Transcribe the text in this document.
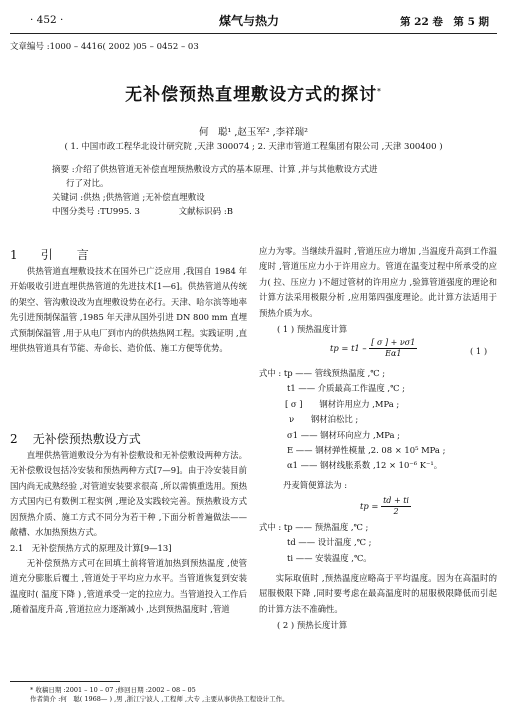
· 452 ·	煤气与热力	第 22 卷　第 5 期
文章编号 :1000 – 4416( 2002 )05 – 0452 – 03
无补偿预热直埋敷设方式的探讨*
何　聪¹ ,赵玉军² ,李祥瑞²
( 1. 中国市政工程华北设计研究院 ,天津 300074 ; 2. 天津市管道工程集团有限公司 ,天津 300400 )
摘要 :介绍了供热管道无补偿直埋预热敷设方式的基本原理、计算 ,并与其他敷设方式进
行了对比。
关键词 :供热 ;供热管道 ;无补偿直埋敷设
中图分类号 :TU995. 3	文献标识码 :B
1 引　　言

供热管道直埋敷设技术在国外已广泛应用 ,我国自 1984 年开始吸收引进直埋供热管道的先进技术[1—6]。供热管道从传统的架空、管沟敷设改为直埋敷设势在必行。天津、哈尔滨等地率先引进预制保温管 ,1985 年天津从国外引进 DN 800 mm 直埋式预制保温管 ,用于从电厂到市内的供热热网工程。实践证明 ,直埋供热管道具有节能、寿命长、造价低、施工方便等优势。

2 无补偿预热敷设方式

直埋供热管道敷设分为有补偿敷设和无补偿敷设两种方法。无补偿敷设包括冷安装和预热两种方式[7—9]。由于冷安装目前国内尚无成熟经验 ,对管道安装要求很高 ,所以需慎重选用。预热方式国内已有数例工程实例 ,理论及实践较完善。预热敷设方式因预热介质、施工方式不同分为若干种 ,下面分析普遍做法——敞槽、水加热预热方式。

2.1　无补偿预热方式的原理及计算[9—13]

无补偿预热方式可在回填土前将管道加热到预热温度 ,使管道充分膨胀后覆土 ,管道处于平均应力水平。当管道恢复到安装温度时( 温度下降 ) ,管道承受一定的拉应力。当管道投入工作后 ,随着温度升高 ,管道拉应力逐渐减小 ,达到预热温度时 ,管道

应力为零。当继续升温时 ,管道压应力增加 ,当温度升高到工作温度时 ,管道压应力小于许用应力。管道在温变过程中所承受的应力( 拉、压应力 )不超过管材的许用应力 ,验算管道强度的理论和计算方法采用极限分析 ,应用第四强度理论。此计算方法适用于预热介质为水。

( 1 ) 预热温度计算
tp = $t1 - \frac{[ \sigma ] + \nu\sigma 1}{E\alpha 1}$	( 1 )
式中 : tp —— 管线预热温度 ,℃ ;
t1 —— 介质最高工作温度 ,℃ ;
[ σ ]　　钢材许用应力 ,MPa ;
ν　　钢材泊松比 ;
σ1 —— 钢材环向应力 ,MPa ;
E —— 钢材弹性模量 ,2. 08 × 10⁵ MPa ;
α1 —— 钢材线胀系数 ,12 × 10⁻⁶ K⁻¹。
丹麦简便算法为 :
tp = $\frac{td + ti}{2}$
式中 : tp —— 预热温度 ,℃ ;
td —— 设计温度 ,℃ ;
ti —— 安装温度 ,℃。

实际取值时 ,预热温度应略高于平均温度。因为在高温时的屈服极限下降 ,同时要考虑在最高温度时的屈服极限降低而引起的计算方法不准确性。

( 2 ) 预热长度计算
* 收稿日期 :2001 – 10 – 07 ;修回日期 :2002 – 08 – 05
作者简介 :何　聪( 1968— ) ,男 ,浙江宁波人 ,工程师 ,大专 ,主要从事供热工程设计工作。
